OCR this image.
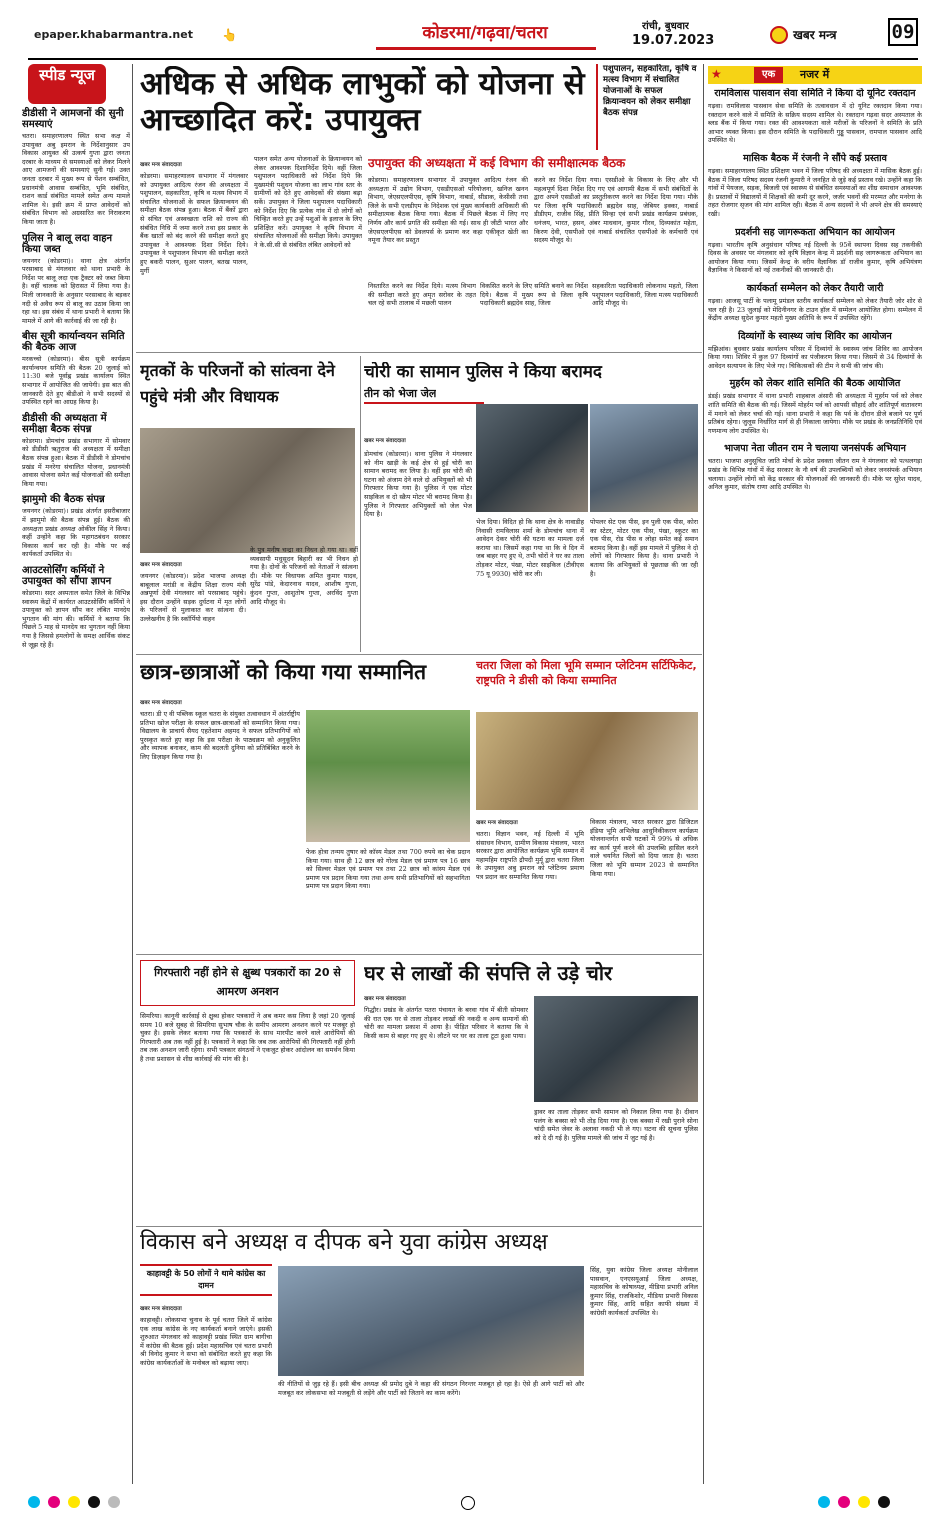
epaper.khabarmantra.net 👆	कोडरमा/गढ़वा/चतरा	रांची, बुधवार
19.07.2023	खबर मन्त्र	09
स्पीड न्यूज
डीडीसी ने आमजनों की सुनी समस्याएं
चतरा। समाहरणालय स्थित सभा कक्ष में उपायुक्त अबु इमरान के निर्देशानुसार उप विकास आयुक्त श्री उत्कर्ष गुप्ता द्वारा जनता दरबार के माध्यम से समस्याओं को लेकर मिलने आए आमजनों की समस्याएं सुनी गई। उक्त जनता दरबार में मुख्य रूप से पेंशन सम्बंधित, प्रधानमंत्री आवास सम्बंधित, भूमि संबंधित, राशन कार्ड संबंधित मामले समेत अन्य मामले शामिल थे। इसी क्रम में प्राप्त आवेदनों को संबंधित विभाग को अग्रसारित कर निराकरण किया जाता है।
पुलिस ने बालू लदा वाहन किया जब्त
जयनगर (कोडरमा)। थाना क्षेत्र अंतर्गत परसाबाद से मंगलवार को थाना प्रभारी के निर्देश पर बालू लदा एक ट्रैक्टर को जब्त किया है। वहीं चालक को हिरासत में लिया गया है। मिली जानकारी के अनुसार परसाबाद के बड़कर नदी से अवैध रूप से बालू का उठाव किया जा रहा था। इस संबंध में थाना प्रभारी ने बताया कि मामले में आगे की कार्रवाई की जा रही है।
बीस सूत्री कार्यान्वयन समिति की बैठक आज
मरकच्चो (कोडरमा)। बीस सूत्री कार्यक्रम कार्यान्वयन समिति की बैठक 20 जुलाई को 11:30 बजे पूर्वाह्न प्रखंड कार्यालय स्थित सभागार में आयोजित की जायेगी। इस बात की जानकारी देते हुए बीडीओ ने सभी सदस्यों से उपस्थित रहने का आग्रह किया है।
डीडीसी की अध्यक्षता में समीक्षा बैठक संपन्न
कोडरमा। डोमचांच प्रखंड सभागार में सोमवार को डीडीसी ऋतुराज की अध्यक्षता में समीक्षा बैठक संपन्न हुआ। बैठक में डीडीसी ने डोमचांच प्रखंड में मनरेगा संचालित योजना, प्रधानमंत्री आवास योजना समेत कई योजनाओं की समीक्षा किया गया।
झामुमो की बैठक संपन्न
जयनगर (कोडरमा)। प्रखंड अंतर्गत इसरीबाजार में झामुमो की बैठक संपन्न हुई। बैठक की अध्यक्षता प्रखंड अध्यक्ष ओकील सिंह ने किया। कहीं उन्होंने कहा कि महागठबंधन सरकार विकास कार्य कर रही है। मौके पर कई कार्यकर्ता उपस्थित थे।
आउटसोर्सिंग कर्मियों ने उपायुक्त को सौंपा ज्ञापन
कोडरमा। सदर अस्पताल समेत जिले के विभिन्न स्वास्थ्य केंद्रों में कार्यरत आउटसोर्सिंग कर्मियों ने उपायुक्त को ज्ञापन सौंप कर लंबित मानदेय भुगतान की मांग की। कर्मियों ने बताया कि पिछले 5 माह से मानदेय का भुगतान नहीं किया गया है जिससे हमलोगों के समक्ष आर्थिक संकट से जूझ रहे हैं।
अधिक से अधिक लाभुकों को योजना से आच्छादित करें: उपायुक्त
पशुपालन, सहकारिता, कृषि व मत्स्य विभाग में संचालित योजनाओं के सफल क्रियान्वयन को लेकर समीक्षा बैठक संपन्न
खबर मन्त्र संवाददाता
कोडरमा। समाहरणालय सभागार में मंगलवार को उपायुक्त आदित्य रंजन की अध्यक्षता में पशुपालन, सहकारिता, कृषि व मत्स्य विभाग में संचालित योजनाओं के सफल क्रियान्वयन की समीक्षा बैठक संपन्न हुआ। बैठक में बैंकों द्वारा से संचित एवं अस्वच्छता राशि को राज्य की संबंधित निधि में जमा करने तथा इस प्रकार के बैंक खातों को बंद करने की समीक्षा करते हुए उपायुक्त ने आवश्यक दिशा निर्देश दिये। उपायुक्त ने पशुपालन विभाग की समीक्षा करते हुए बकरी पालन, सुअर पालन, बतख पालन, मुर्गी
पालन समेत अन्य योजनाओं के क्रियान्वयन को लेकर आवश्यक दिशानिर्देश दिये। वहीं जिला पशुपालन पदाधिकारी को निर्देश दिये कि मुख्यमंत्री पशुधन योजना का लाभ गांव स्तर के ग्रामीणों को देते हुए आवेदकों की संख्या बढ़ा सकें। उपायुक्त ने जिला पशुपालन पदाधिकारी को निर्देश दिए कि प्रत्येक गांव में दो लोगों को चिन्हित करते हुए उन्हें पशुओं के इलाज के लिए प्रशिक्षित करें। उपायुक्त ने कृषि विभाग में संचालित योजनाओं की समीक्षा किये। उपायुक्त ने के.सी.सी से संबंधित लंबित आवेदनों को
उपायुक्त की अध्यक्षता में कई विभाग की समीक्षात्मक बैठक
कोडरमा। समाहरणालय सभागार में उपायुक्त आदित्य रंजन की अध्यक्षता में उद्योग विभाग, एसडीएसओ परियोजना, खनिज खनन विभाग, जेएसएलपीएस, कृषि विभाग, नाबार्ड, सीडाक, केसीसी तथा जिले के सभी एलडीएम के निदेशक एवं मुख्य कार्यकारी अधिकारी की समीक्षात्मक बैठक किया गया। बैठक में पिछले बैठक में लिए गए निर्णय और कार्य प्रगति की समीक्षा की गई। साथ ही जीटी भारत और जेएसएलपीएस को डेवलपर्स के प्रमाण कर कहा एकीकृत खेती का नमूना तैयार कर प्रस्तुत
करने का निर्देश दिया गया। एसडीओ के विकास के लिए और भी महत्वपूर्ण दिशा निर्देश दिए गए एवं आगामी बैठक में सभी संबंधितों के द्वारा अपने एसडीओ का प्रस्तुतीकरण करने का निर्देश दिया गया। मौके पर जिला कृषि पदाधिकारी ब्रह्मदेव साह, जेबियर इक्का, नाबार्ड डीडीएम, राजीव सिंह, प्रीति सिन्हा एवं सभी प्रखंड कार्यक्रम प्रबंधक, धनंजय, भारत, हसन, अंबर माधवान, कुमार गौरव, दिव्यकांत महेता, किरण देवी, एसपीओ एवं नाबार्ड संचालित एसपीओ के कर्मचारी एवं सदस्य मौजूद थे।
निस्तारित करने का निर्देश दिये। मत्स्य विभाग की समीक्षा करते हुए अमृत सरोवर के तहत चल रहे सभी तालाब में मछली पालन
विकसित करने के लिए समिति बनाने का निर्देश दिये। बैठक में मुख्य रूप से जिला कृषि पदाधिकारी ब्रह्मदेव साह, जिला
सहकारिता पदाधिकारी लोकनाथ महतो, जिला पशुपालन पदाधिकारी, जिला मत्स्य पदाधिकारी आदि मौजूद थे।
मृतकों के परिजनों को सांत्वना देने पहुंचे मंत्री और विधायक
खबर मन्त्र संवाददाता
जयनगर (कोडरमा)। प्रदेश भाजपा अध्यक्ष बाबूलाल मरांडी व केंद्रीय शिक्षा राज्य मंत्री अन्नपूर्णा देवी मंगलवार को परसाबाद पहुंचे। इस दौरान उन्होंने सड़क दुर्घटना में मृत लोगों के परिजनों से मुलाकात कर सांत्वना दी। उल्लेखनीय है कि स्कॉर्पियो वाहन
के पुत्र मनीष चन्द्रा का निधन हो गया था। वहीं व्यवसायी मधुसूदन बिहारी का भी निधन हो गया है। दोनों के परिजनों को नेताओं ने सांत्वना दी। मौके पर विधायक अमित कुमार यादव, सुरेंद्र पांडे, केदारनाथ यादव, आशीष गुप्ता, कुंदन गुप्ता, आशुतोष गुप्ता, अरविंद गुप्ता आदि मौजूद थे।
चोरी का सामान पुलिस ने किया बरामद
तीन को भेजा जेल
खबर मन्त्र संवाददाता
डोमचांच (कोडरमा)। थाना पुलिस ने मंगलवार को नीम खाड़ी के कई क्षेत्र से हुई चोरी का सामान बरामद कर लिया है। वहीं इस चोरी की घटना को अंजाम देने वाले दो अभियुक्तों को भी गिरफ्तार किया गया है। पुलिस ने एक मोटर साइकिल व दो स्क्रैप मोटर भी बरामद किया है। पुलिस ने गिरफ्तार अभियुक्तों को जेल भेज दिया है।
भेज दिया। विदित हो कि थाना क्षेत्र के नावाडीह निवासी रामविलास शर्मा के डोमचांच थाना में आवेदन देकर चोरी की घटना का मामला दर्ज कराया था। जिसमें कहा गया था कि वे दिन में जब बाहर गए हुए थे, तभी चोरों ने घर का ताला तोड़कर मोटर, पंखा, मोटर साइकिल (टीवीएस 75 यू 9930) चोरी कर ली।
पोपलर सेट एक पीस, इन पुली एक पीस, कोरा का स्टेटर, मोटर एक पीस, पंखा, स्कूटर का एक पीस, रोड पीस व लोहा समेत कई समान बरामद किया है। वहीं इस मामले में पुलिस ने दो लोगों को गिरफ्तार किया है। थाना प्रभारी ने बताया कि अभियुक्तों से पूछताछ की जा रही है।
छात्र-छात्राओं को किया गया सम्मानित
खबर मन्त्र संवाददाता
चतरा। डी ए वी पब्लिक स्कूल चतरा के संयुक्त तत्वावधान में अंतर्राष्ट्रीय प्रतिभा खोज परीक्षा के सफल छात्र-छात्राओं को सम्मानित किया गया। विद्यालय के प्राचार्य सैयद एहतेशाम अहमद ने सफल प्रतिभागियों को पुरस्कृत करते हुए कहा कि इस परीक्षा के पाठ्यक्रम को अनुकूलित और व्यापक बनाकर, काम की बदलती दुनिया को प्रतिबिंबित करने के लिए डिज़ाइन किया गया है।
फेक होत्रा तन्मय तुषार को कॉस्य मेडल तथा 700 रुपये का चेक प्रदान किया गया। साथ ही 12 छात्र को गोल्ड मेडल एवं प्रमाण पत्र 16 छात्र को सिल्वर मेडल एवं प्रमाण पत्र तथा 22 छात्र को कांस्य मेडल एवं प्रमाण पत्र प्रदान किया गया तथा अन्य सभी प्रतिभागियों को सहभागिता प्रमाण पत्र प्रदान किया गया।
चतरा जिला को मिला भूमि सम्मान प्लेटिनम सर्टिफिकेट, राष्ट्रपति ने डीसी को किया सम्मानित
खबर मन्त्र संवाददाता
चतरा। विज्ञान भवन, नई दिल्ली में भूमि संसाधन विभाग, ग्रामीण विकास मंत्रालय, भारत सरकार द्वारा आयोजित कार्यक्रम भूमि सम्मान में महामहिम राष्ट्रपति द्रौपदी मुर्मू द्वारा चतरा जिला के उपायुक्त अबु इमरान को प्लेटिनम प्रमाण पत्र प्रदान कर सम्मानित किया गया।
विकास मंत्रालय, भारत सरकार द्वारा डिजिटल इंडिया भूमि अभिलेख आधुनिकीकरण कार्यक्रम योजनान्तर्गत सभी घटकों में 99% से अधिक का कार्य पूर्ण करने की उपलब्धि हासिल करने वाले चयनित जिलों को दिया जाता है। चतरा जिला को भूमि सम्मान 2023 से सम्मानित किया गया।
गिरफ्तारी नहीं होने से क्षुब्ध पत्रकारों का 20 से आमरण अनशन
सिमरिया। कानूनी कार्रवाई से क्षुब्ध होकर पत्रकारों ने अब कमर कस लिया है जहां 20 जुलाई समय 10 बजे सुबह से सिमरिया सुभाष चौक के समीप आमरण अनशन करने पर मजबूर हो चुका है। इसके लेकर बताया गया कि पत्रकारों के साथ मारपीट करने वाले आरोपियों की गिरफ्तारी अब तक नहीं हुई है। पत्रकारों ने कहा कि जब तक आरोपियों की गिरफ्तारी नहीं होगी तब तक अनशन जारी रहेगा। सभी पत्रकार संगठनों ने एकजुट होकर आंदोलन का समर्थन किया है तथा प्रशासन से शीघ्र कार्रवाई की मांग की है।
घर से लाखों की संपत्ति ले उड़े चोर
खबर मन्त्र संवाददाता
गिद्धौर। प्रखंड के अंतर्गत पतरा पंचायत के बरवा गांव में बीती सोमवार की रात एक घर से ताला तोड़कर लाखों की नकदी व अन्य सामानों की चोरी का मामला प्रकाश में आया है। पीड़ित परिवार ने बताया कि वे किसी काम से बाहर गए हुए थे। लौटने पर घर का ताला टूटा हुआ पाया।
ड्रावर का ताला तोड़कर सभी सामान को निकाल लिया गया है। दीवान पलंग के बक्सा को भी तोड़ दिया गया है। एक बक्सा में रखी पुराने सोना चांदी समेत जेवर के अलावा नकदी भी ले गए। घटना की सूचना पुलिस को दे दी गई है। पुलिस मामले की जांच में जुट गई है।
विकास बने अध्यक्ष व दीपक बने युवा कांग्रेस अध्यक्ष
काहावट्टी के 50 लोगों ने थामे कांग्रेस का दामन
खबर मन्त्र संवाददाता
काहावट्टी। लोकसभा चुनाव के पूर्व चतरा जिले में कांग्रेस एक लाख कांग्रेस के नए कार्यकर्ता बनाने जाएंगे। इसकी शुरुआत मंगलवार को काहावट्टी प्रखंड स्थित ग्राम बागीचा में कांग्रेस की बैठक हुई। प्रदेश महासचिव एवं चतरा प्रभारी श्री विनोद कुमार ने सभा को संबोधित करते हुए कहा कि कांग्रेस कार्यकर्ताओं के मनोबल को बढ़ाया जाए।
की नीतियों से जुड़ रहे हैं। इसी बीच अध्यक्ष श्री प्रमोद दुबे ने कहा की संगठन निरन्तर मजबूत हो रहा है। ऐसे ही आगे पार्टी को और मजबूत कर लोकसभा को मजबूती से लड़ेंगे और पार्टी को जिताने का काम करेंगे।
सिंह, युवा कांग्रेस जिला अध्यक्ष मोनीलाल पासवान, एनएसयूआई जिला अध्यक्ष, महासचिव के कोषाध्यक्ष, मीडिया प्रभारी अनिल कुमार सिंह, राजकिशोर, मीडिया प्रभारी विकास कुमार सिंह, आदि सहित काफी संख्या में कांग्रेसी कार्यकर्ता उपस्थित थे।
★	एक	नजर में
रामविलास पासवान सेवा समिति ने किया दो यूनिट रक्तदान
गढ़वा। रामविलास पासवान सेवा समिति के तत्वावधान में दो यूनिट रक्तदान किया गया। रक्तदान करने वाले में समिति के सक्रिय सदस्य शामिल थे। रक्तदान गढ़वा सदर अस्पताल के ब्लड बैंक में किया गया। रक्त की आवश्यकता वाले मरीजों के परिजनों ने समिति के प्रति आभार व्यक्त किया। इस दौरान समिति के पदाधिकारी गुड्डू पासवान, रामपाल पासवान आदि उपस्थित थे।
मासिक बैठक में रंजनी ने सौंपे कई प्रस्ताव
गढ़वा। समाहरणालय स्थित प्रशिक्षण भवन में जिला परिषद की अध्यक्षता में मासिक बैठक हुई। बैठक में जिला परिषद सदस्य रंजनी कुमारी ने जनहित से जुड़े कई प्रस्ताव रखे। उन्होंने कहा कि गांवों में पेयजल, सड़क, बिजली एवं स्वास्थ्य से संबंधित समस्याओं का शीघ्र समाधान आवश्यक है। प्रस्तावों में विद्यालयों में शिक्षकों की कमी दूर करने, जर्जर भवनों की मरम्मत और मनरेगा के तहत रोजगार सृजन की मांग शामिल रही। बैठक में अन्य सदस्यों ने भी अपने क्षेत्र की समस्याएं रखी।
प्रदर्शनी सह जागरूकता अभियान का आयोजन
गढ़वा। भारतीय कृषि अनुसंधान परिषद नई दिल्ली के 95वें स्थापना दिवस सह तकनीकी दिवस के अवसर पर मंगलवार को कृषि विज्ञान केन्द्र में प्रदर्शनी सह जागरूकता अभियान का आयोजन किया गया। जिसमें केन्द्र के वरीय वैज्ञानिक डॉ राजीव कुमार, कृषि अभियंत्रण वैज्ञानिक ने किसानों को नई तकनीकों की जानकारी दी।
कार्यकर्ता सम्मेलन को लेकर तैयारी जारी
गढ़वा। आजसू पार्टी के पलामू प्रमंडल स्तरीय कार्यकर्ता सम्मेलन को लेकर तैयारी जोर शोर से चल रही है। 23 जुलाई को मेदिनीनगर के टाउन हॉल में सम्मेलन आयोजित होगा। सम्मेलन में केंद्रीय अध्यक्ष सुदेश कुमार महतो मुख्य अतिथि के रूप में उपस्थित रहेंगे।
दिव्यांगों के स्वास्थ्य जांच शिविर का आयोजन
मझिआंव। बुधवार प्रखंड कार्यालय परिसर में दिव्यांगों के स्वास्थ्य जांच शिविर का आयोजन किया गया। शिविर में कुल 97 दिव्यांगों का पंजीकरण किया गया। जिसमें से 34 दिव्यांगों के आवेदन सत्यापन के लिए भेजे गए। चिकित्सकों की टीम ने सभी की जांच की।
मुहर्रम को लेकर शांति समिति की बैठक आयोजित
डंडई। प्रखंड सभागार में थाना प्रभारी शाहबाज अंसारी की अध्यक्षता में मुहर्रम पर्व को लेकर शांति समिति की बैठक की गई। जिसमें मोहर्रम पर्व को आपसी सौहार्द और शांतिपूर्ण वातावरण में मनाने को लेकर चर्चा की गई। थाना प्रभारी ने कहा कि पर्व के दौरान डीजे बजाने पर पूर्ण प्रतिबंध रहेगा। जुलूस निर्धारित मार्ग से ही निकाला जायेगा। मौके पर प्रखंड के जनप्रतिनिधि एवं गणमान्य लोग उपस्थित थे।
भाजपा नेता जीतन राम ने चलाया जनसंपर्क अभियान
चतरा। भाजपा अनुसूचित जाति मोर्चा के प्रदेश प्रवक्ता जीतन राम ने मंगलवार को पत्थलगड़ा प्रखंड के विभिन्न गांवों में केंद्र सरकार के नौ वर्ष की उपलब्धियों को लेकर जनसंपर्क अभियान चलाया। उन्होंने लोगों को केंद्र सरकार की योजनाओं की जानकारी दी। मौके पर सुरेश यादव, अनिल कुमार, संतोष राणा आदि उपस्थित थे।
